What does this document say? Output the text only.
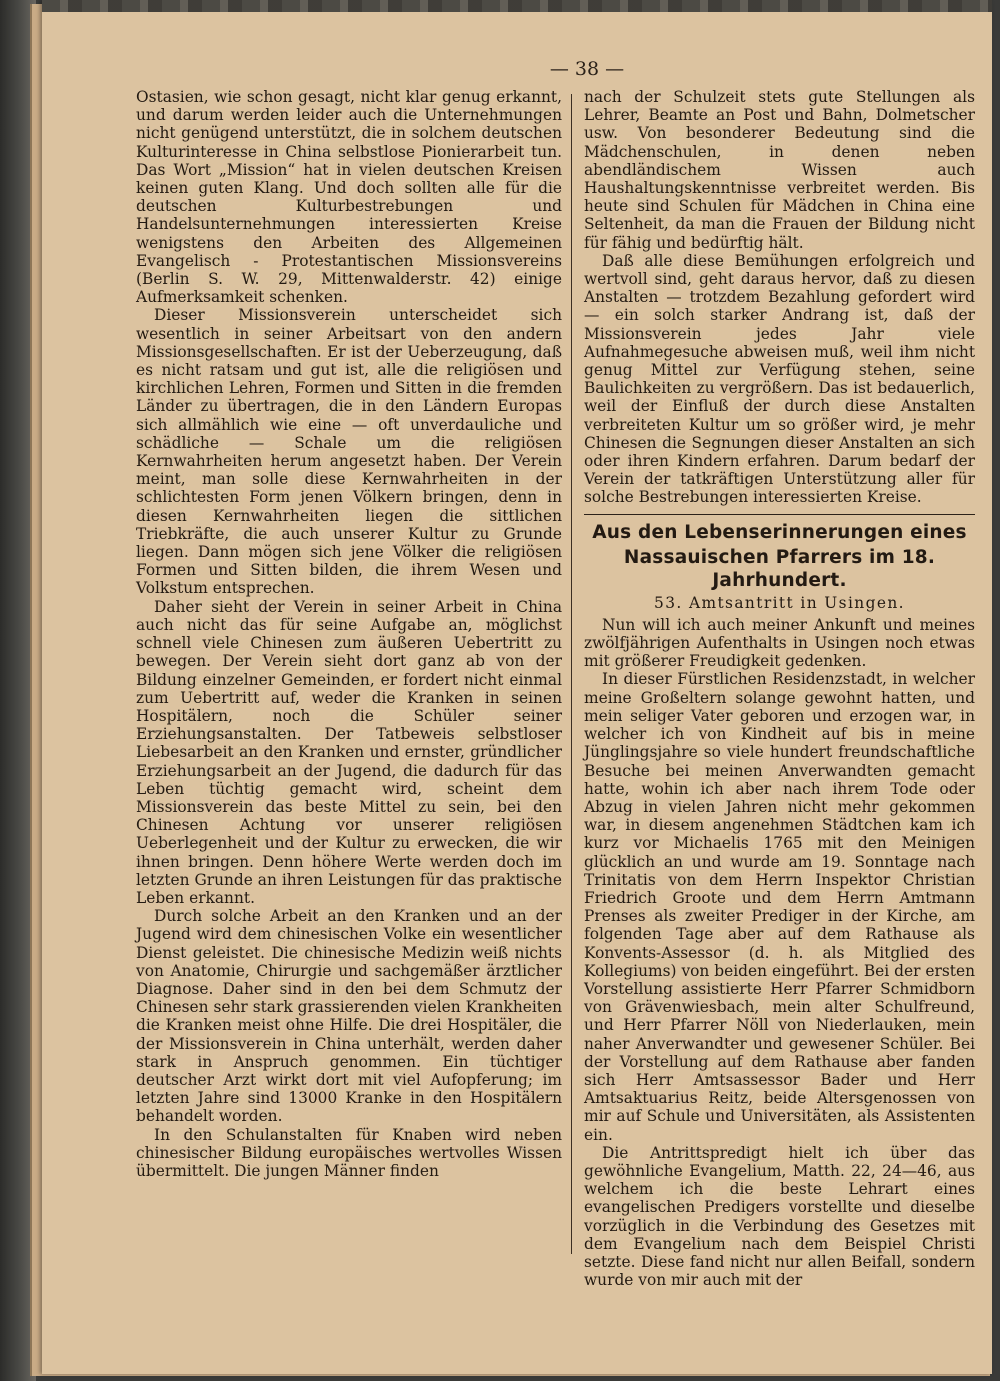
— 38 —

Ostasien, wie schon gesagt, nicht klar genug erkannt, und darum werden leider auch die Unternehmungen nicht genügend unterstützt, die in solchem deutschen Kulturinteresse in China selbstlose Pionierarbeit tun. Das Wort „Mission“ hat in vielen deutschen Kreisen keinen guten Klang. Und doch sollten alle für die deutschen Kulturbestrebungen und Handelsunternehmungen interessierten Kreise wenigstens den Arbeiten des Allgemeinen Evangelisch - Protestantischen Missionsvereins (Berlin S. W. 29, Mittenwalderstr. 42) einige Aufmerksamkeit schenken.

Dieser Missionsverein unterscheidet sich wesentlich in seiner Arbeitsart von den andern Missionsgesellschaften. Er ist der Ueberzeugung, daß es nicht ratsam und gut ist, alle die religiösen und kirchlichen Lehren, Formen und Sitten in die fremden Länder zu übertragen, die in den Ländern Europas sich allmählich wie eine — oft unverdauliche und schädliche — Schale um die religiösen Kernwahrheiten herum angesetzt haben. Der Verein meint, man solle diese Kernwahrheiten in der schlichtesten Form jenen Völkern bringen, denn in diesen Kernwahrheiten liegen die sittlichen Triebkräfte, die auch unserer Kultur zu Grunde liegen. Dann mögen sich jene Völker die religiösen Formen und Sitten bilden, die ihrem Wesen und Volkstum entsprechen.

Daher sieht der Verein in seiner Arbeit in China auch nicht das für seine Aufgabe an, möglichst schnell viele Chinesen zum äußeren Uebertritt zu bewegen. Der Verein sieht dort ganz ab von der Bildung einzelner Gemeinden, er fordert nicht einmal zum Uebertritt auf, weder die Kranken in seinen Hospitälern, noch die Schüler seiner Erziehungsanstalten. Der Tatbeweis selbstloser Liebesarbeit an den Kranken und ernster, gründlicher Erziehungsarbeit an der Jugend, die dadurch für das Leben tüchtig gemacht wird, scheint dem Missionsverein das beste Mittel zu sein, bei den Chinesen Achtung vor unserer religiösen Ueberlegenheit und der Kultur zu erwecken, die wir ihnen bringen. Denn höhere Werte werden doch im letzten Grunde an ihren Leistungen für das praktische Leben erkannt.

Durch solche Arbeit an den Kranken und an der Jugend wird dem chinesischen Volke ein wesentlicher Dienst geleistet. Die chinesische Medizin weiß nichts von Anatomie, Chirurgie und sachgemäßer ärztlicher Diagnose. Daher sind in den bei dem Schmutz der Chinesen sehr stark grassierenden vielen Krankheiten die Kranken meist ohne Hilfe. Die drei Hospitäler, die der Missionsverein in China unterhält, werden daher stark in Anspruch genommen. Ein tüchtiger deutscher Arzt wirkt dort mit viel Aufopferung; im letzten Jahre sind 13000 Kranke in den Hospitälern behandelt worden.

In den Schulanstalten für Knaben wird neben chinesischer Bildung europäisches wertvolles Wissen übermittelt. Die jungen Männer finden

nach der Schulzeit stets gute Stellungen als Lehrer, Beamte an Post und Bahn, Dolmetscher usw. Von besonderer Bedeutung sind die Mädchenschulen, in denen neben abendländischem Wissen auch Haushaltungskenntnisse verbreitet werden. Bis heute sind Schulen für Mädchen in China eine Seltenheit, da man die Frauen der Bildung nicht für fähig und bedürftig hält.

Daß alle diese Bemühungen erfolgreich und wertvoll sind, geht daraus hervor, daß zu diesen Anstalten — trotzdem Bezahlung gefordert wird — ein solch starker Andrang ist, daß der Missionsverein jedes Jahr viele Aufnahmegesuche abweisen muß, weil ihm nicht genug Mittel zur Verfügung stehen, seine Baulichkeiten zu vergrößern. Das ist bedauerlich, weil der Einfluß der durch diese Anstalten verbreiteten Kultur um so größer wird, je mehr Chinesen die Segnungen dieser Anstalten an sich oder ihren Kindern erfahren. Darum bedarf der Verein der tatkräftigen Unterstützung aller für solche Bestrebungen interessierten Kreise.

Aus den Lebenserinnerungen eines
Nassauischen Pfarrers im 18. Jahrhundert.
53. Amtsantritt in Usingen.

Nun will ich auch meiner Ankunft und meines zwölfjährigen Aufenthalts in Usingen noch etwas mit größerer Freudigkeit gedenken.

In dieser Fürstlichen Residenzstadt, in welcher meine Großeltern solange gewohnt hatten, und mein seliger Vater geboren und erzogen war, in welcher ich von Kindheit auf bis in meine Jünglingsjahre so viele hundert freundschaftliche Besuche bei meinen Anverwandten gemacht hatte, wohin ich aber nach ihrem Tode oder Abzug in vielen Jahren nicht mehr gekommen war, in diesem angenehmen Städtchen kam ich kurz vor Michaelis 1765 mit den Meinigen glücklich an und wurde am 19. Sonntage nach Trinitatis von dem Herrn Inspektor Christian Friedrich Groote und dem Herrn Amtmann Prenses als zweiter Prediger in der Kirche, am folgenden Tage aber auf dem Rathause als Konvents-Assessor (d. h. als Mitglied des Kollegiums) von beiden eingeführt. Bei der ersten Vorstellung assistierte Herr Pfarrer Schmidborn von Grävenwiesbach, mein alter Schulfreund, und Herr Pfarrer Nöll von Niederlauken, mein naher Anverwandter und gewesener Schüler. Bei der Vorstellung auf dem Rathause aber fanden sich Herr Amtsassessor Bader und Herr Amtsaktuarius Reitz, beide Altersgenossen von mir auf Schule und Universitäten, als Assistenten ein.

Die Antrittspredigt hielt ich über das gewöhnliche Evangelium, Matth. 22, 24—46, aus welchem ich die beste Lehrart eines evangelischen Predigers vorstellte und dieselbe vorzüglich in die Verbindung des Gesetzes mit dem Evangelium nach dem Beispiel Christi setzte. Diese fand nicht nur allen Beifall, sondern wurde von mir auch mit der
